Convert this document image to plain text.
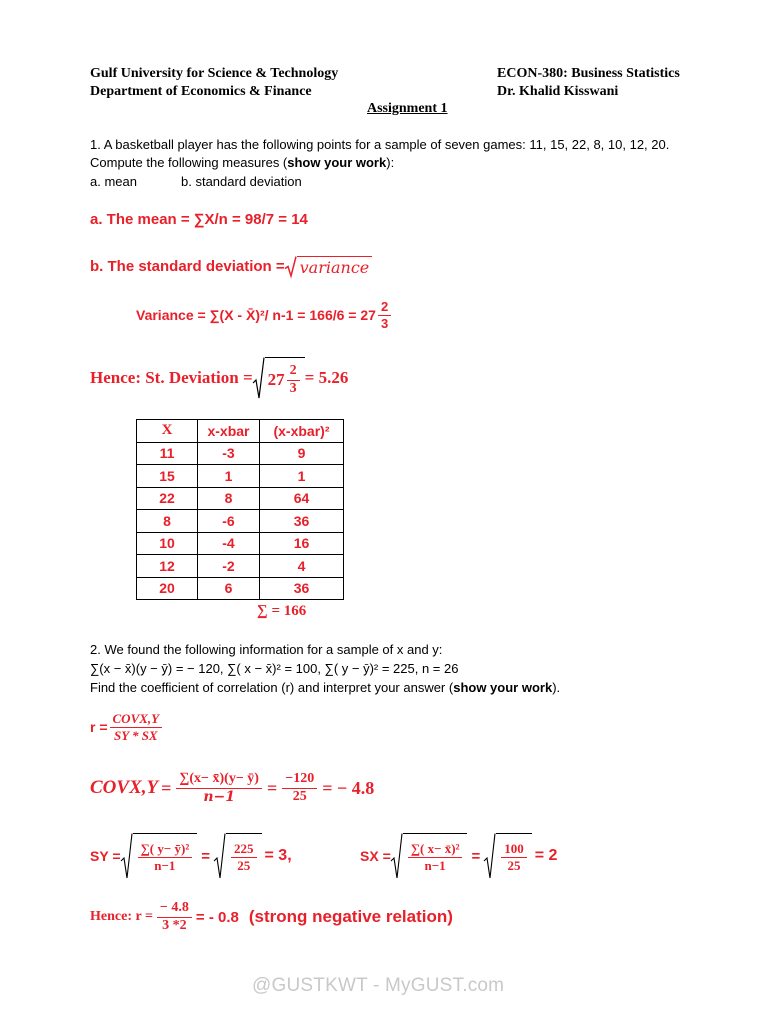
Gulf University for Science & Technology
Department of Economics & Finance
ECON-380: Business Statistics
Dr. Khalid Kisswani
Assignment 1
1. A basketball player has the following points for a sample of seven games: 11, 15, 22, 8, 10, 12, 20.
Compute the following measures (show your work):
a. mean	b. standard deviation
a. The mean = ∑X/n = 98/7 = 14
b. The standard deviation = variance
Variance = ∑(X - X̄)²/ $n-1 = 166/6 = 27 \frac{2}{3}$
Hence: St. Deviation = $27 \frac{2}{3} = 5.26$
X	x-xbar	(x-xbar)²
11	-3	9
15	1	1
22	8	64
8	-6	36
10	-4	16
12	-2	4
20	6	36
∑ = 166
2. We found the following information for a sample of x and y:
∑(x − x̄)(y − ȳ) = − 120, ∑( x − x̄)² = 100, ∑( y − ȳ)² = 225, n = 26
Find the coefficient of correlation (r) and interpret your answer (show your work).
$r = \frac{\text{COVX,Y}}{SY * SX}$
COVX,Y = $\frac{\sum(x- x̄)(y- ȳ)}{n-1} = \frac{-120}{25}$ = − 4.8
SY = $\frac{\text{∑( y− ȳ)²}}{n-1} = \frac{225}{25} = 3$,	SX = $\frac{\text{∑( x− x̄)²}}{n-1} = \frac{100}{25} = 2$
Hence: $r = \frac{- 4.8}{3 *2}$ = - 0.8 (strong negative relation)
@GUSTKWT - MyGUST.com
